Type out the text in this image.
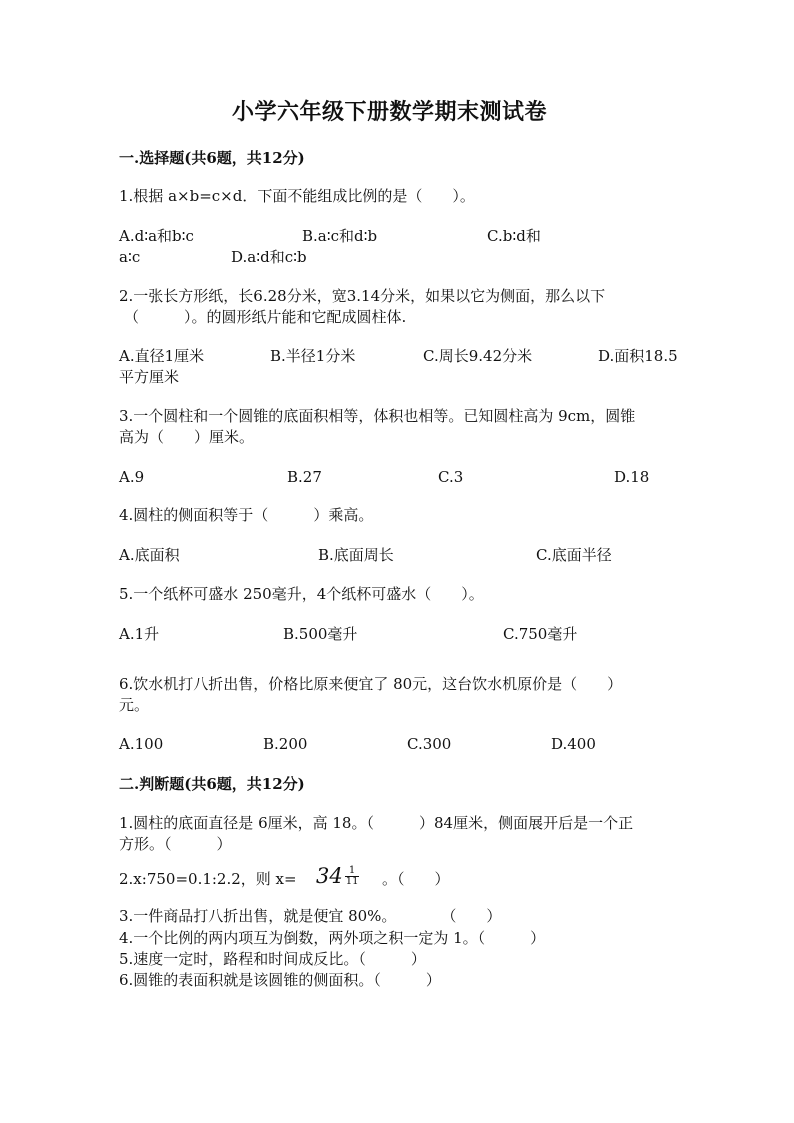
小学六年级下册数学期末测试卷
一.选择题(共6题，共12分)
1.根据 a×b=c×d．下面不能组成比例的是（　　）。
A.d∶a和b∶c	B.a∶c和d∶b	C.b∶d和
a∶c	D.a∶d和c∶b
2.一张长方形纸，长6.28分米，宽3.14分米，如果以它为侧面，那么以下
（　　　）。的圆形纸片能和它配成圆柱体.
A.直径1厘米	B.半径1分米	C.周长9.42分米	D.面积18.5
平方厘米
3.一个圆柱和一个圆锥的底面积相等，体积也相等。已知圆柱高为 9cm，圆锥
高为（　　）厘米。
A.9	B.27	C.3	D.18
4.圆柱的侧面积等于（　　　）乘高。
A.底面积	B.底面周长	C.底面半径
5.一个纸杯可盛水 250毫升，4个纸杯可盛水（　　）。
A.1升	B.500毫升	C.750毫升
6.饮水机打八折出售，价格比原来便宜了 80元，这台饮水机原价是（　　）
元。
A.100	B.200	C.300	D.400
二.判断题(共6题，共12分)
1.圆柱的底面直径是 6厘米，高 18。（　　　）84厘米，侧面展开后是一个正
方形。（　　　）
2.x:750=0.1:2.2，则 $x= 34 \frac{1}{11}$ 。（　　）
3.一件商品打八折出售，就是便宜 80%。　　　　（　　）
4.一个比例的两内项互为倒数，两外项之积一定为 1。（　　　）
5.速度一定时，路程和时间成反比。（　　　）
6.圆锥的表面积就是该圆锥的侧面积。（　　　）
